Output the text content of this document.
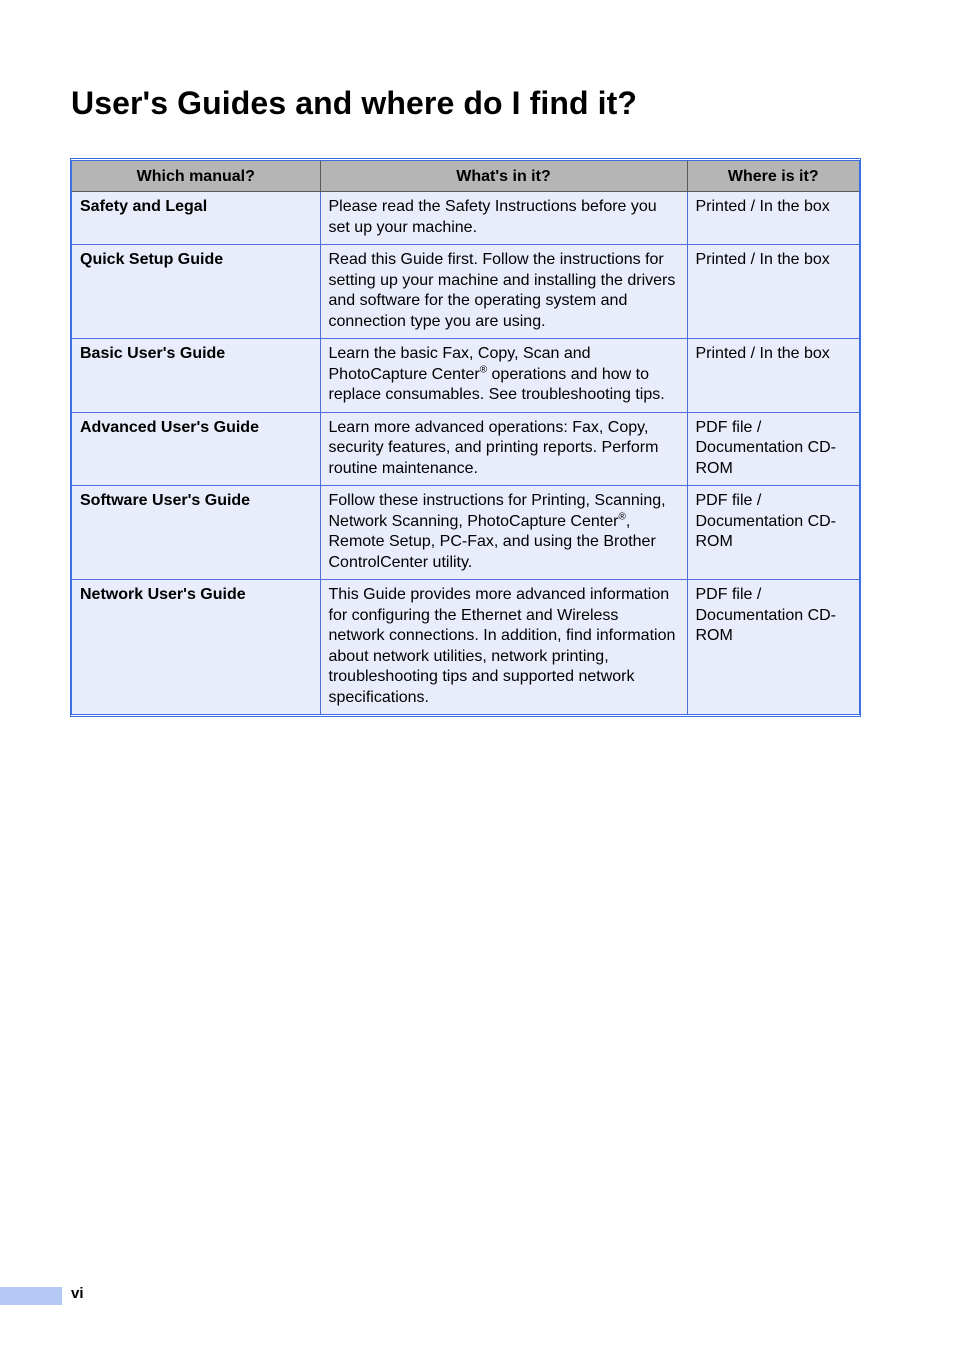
User's Guides and where do I find it?
Which manual?	What's in it?	Where is it?
Safety and Legal	Please read the Safety Instructions before you set up your machine.	Printed / In the box
Quick Setup Guide	Read this Guide first. Follow the instructions for setting up your machine and installing the drivers and software for the operating system and connection type you are using.	Printed / In the box
Basic User's Guide	Learn the basic Fax, Copy, Scan and PhotoCapture Center® operations and how to replace consumables. See troubleshooting tips.	Printed / In the box
Advanced User's Guide	Learn more advanced operations: Fax, Copy, security features, and printing reports. Perform routine maintenance.	PDF file / Documentation CD-ROM
Software User's Guide	Follow these instructions for Printing, Scanning, Network Scanning, PhotoCapture Center®, Remote Setup, PC-Fax, and using the Brother ControlCenter utility.	PDF file / Documentation CD-ROM
Network User's Guide	This Guide provides more advanced information for configuring the Ethernet and Wireless network connections. In addition, find information about network utilities, network printing, troubleshooting tips and supported network specifications.	PDF file / Documentation CD-ROM
vi
